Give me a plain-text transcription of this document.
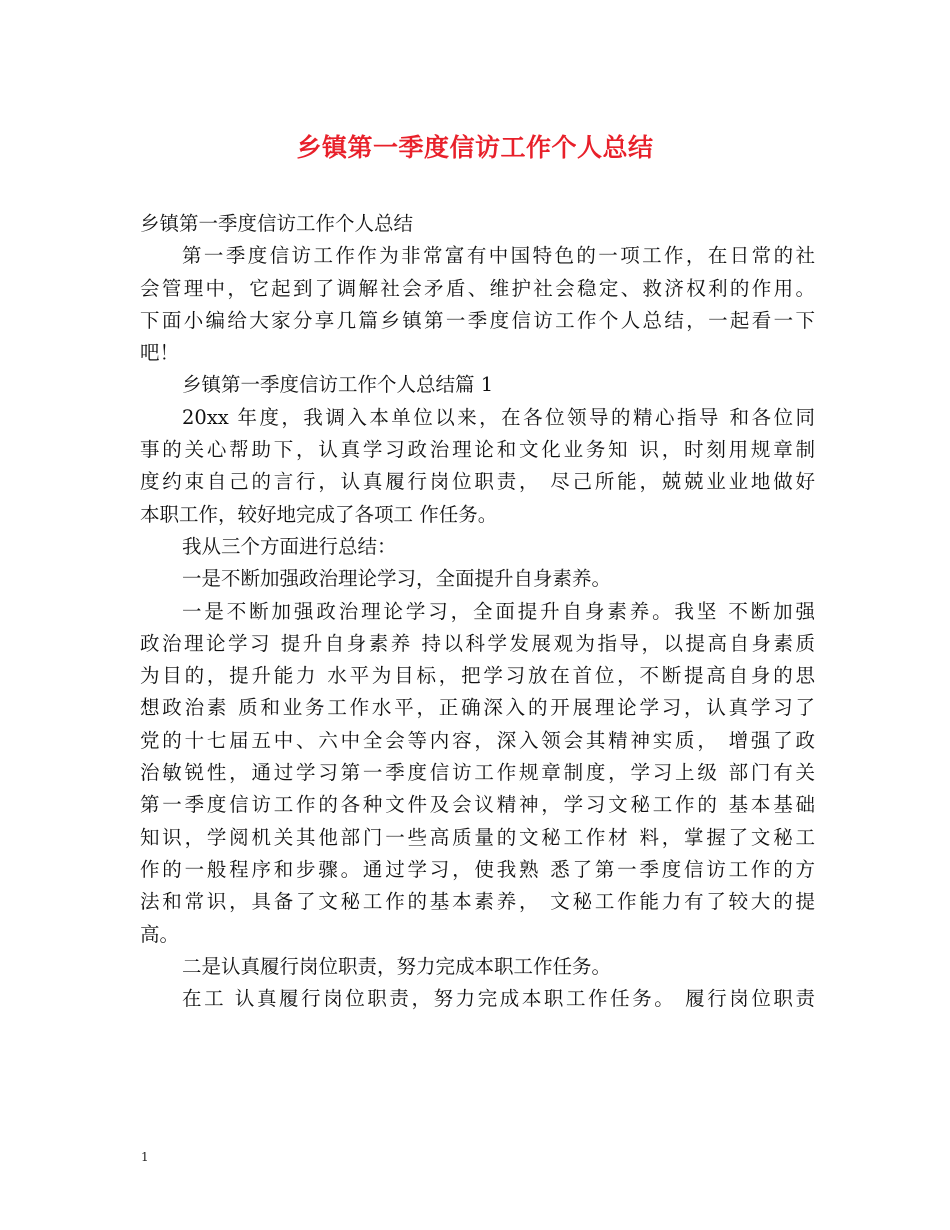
乡镇第一季度信访工作个人总结
乡镇第一季度信访工作个人总结
第一季度信访工作作为非常富有中国特色的一项工作，在日常的社
会管理中，它起到了调解社会矛盾、维护社会稳定、救济权利的作用。
下面小编给大家分享几篇乡镇第一季度信访工作个人总结，一起看一下
吧！
乡镇第一季度信访工作个人总结篇 1
20xx 年度，我调入本单位以来，在各位领导的精心指导 和各位同
事的关心帮助下，认真学习政治理论和文化业务知 识，时刻用规章制
度约束自己的言行，认真履行岗位职责， 尽己所能，兢兢业业地做好
本职工作，较好地完成了各项工 作任务。
我从三个方面进行总结：
一是不断加强政治理论学习，全面提升自身素养。
一是不断加强政治理论学习，全面提升自身素养。我坚 不断加强
政治理论学习 提升自身素养 持以科学发展观为指导，以提高自身素质
为目的，提升能力 水平为目标，把学习放在首位，不断提高自身的思
想政治素 质和业务工作水平，正确深入的开展理论学习，认真学习了
党的十七届五中、六中全会等内容，深入领会其精神实质， 增强了政
治敏锐性，通过学习第一季度信访工作规章制度，学习上级 部门有关
第一季度信访工作的各种文件及会议精神，学习文秘工作的 基本基础
知识，学阅机关其他部门一些高质量的文秘工作材 料，掌握了文秘工
作的一般程序和步骤。通过学习，使我熟 悉了第一季度信访工作的方
法和常识，具备了文秘工作的基本素养， 文秘工作能力有了较大的提
高。
二是认真履行岗位职责，努力完成本职工作任务。
在工 认真履行岗位职责，努力完成本职工作任务。 履行岗位职责
1
